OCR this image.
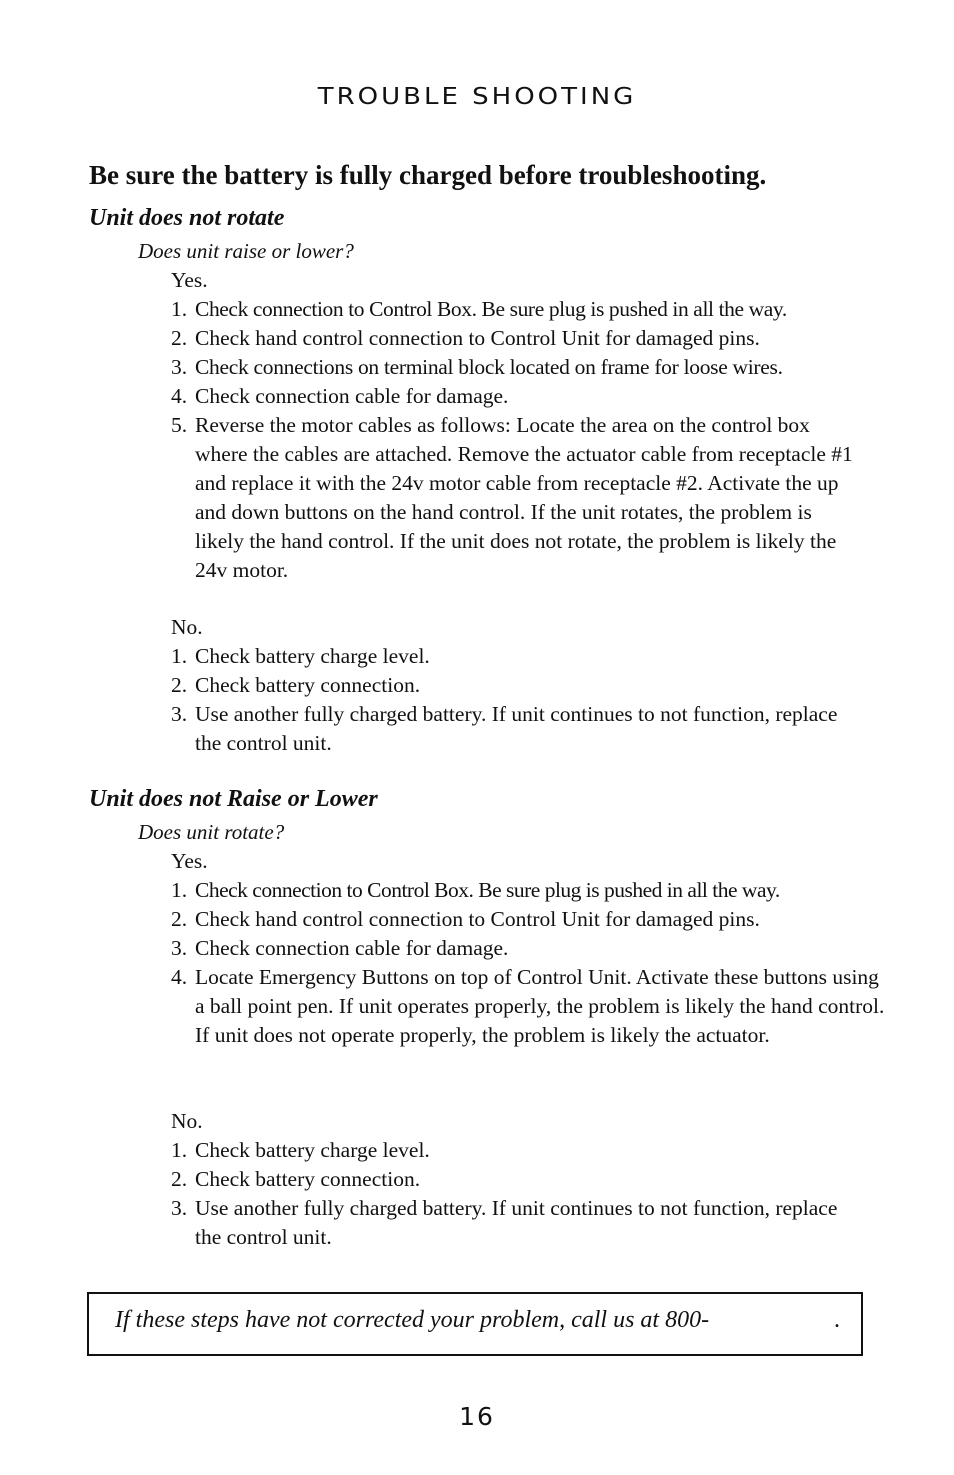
TROUBLE SHOOTING
Be sure the battery is fully charged before troubleshooting.
Unit does not rotate
Does unit raise or lower?

Yes.

1. Check connection to Control Box. Be sure plug is pushed in all the way.
2. Check hand control connection to Control Unit for damaged pins.
3. Check connections on terminal block located on frame for loose wires.
4. Check connection cable for damage.
5. Reverse the motor cables as follows: Locate the area on the control box where the cables are attached. Remove the actuator cable from receptacle #1 and replace it with the 24v motor cable from receptacle #2. Activate the up and down buttons on the hand control. If the unit rotates, the problem is likely the hand control. If the unit does not rotate, the problem is likely the 24v motor.

No.

1. Check battery charge level.
2. Check battery connection.
3. Use another fully charged battery. If unit continues to not function, replace the control unit.
Unit does not Raise or Lower
Does unit rotate?

Yes.

1. Check connection to Control Box. Be sure plug is pushed in all the way.
2. Check hand control connection to Control Unit for damaged pins.
3. Check connection cable for damage.
4. Locate Emergency Buttons on top of Control Unit. Activate these buttons using a ball point pen. If unit operates properly, the problem is likely the hand control. If unit does not operate properly, the problem is likely the actuator.

No.

1. Check battery charge level.
2. Check battery connection.
3. Use another fully charged battery. If unit continues to not function, replace the control unit.
If these steps have not corrected your problem, call us at 800-	.
16
